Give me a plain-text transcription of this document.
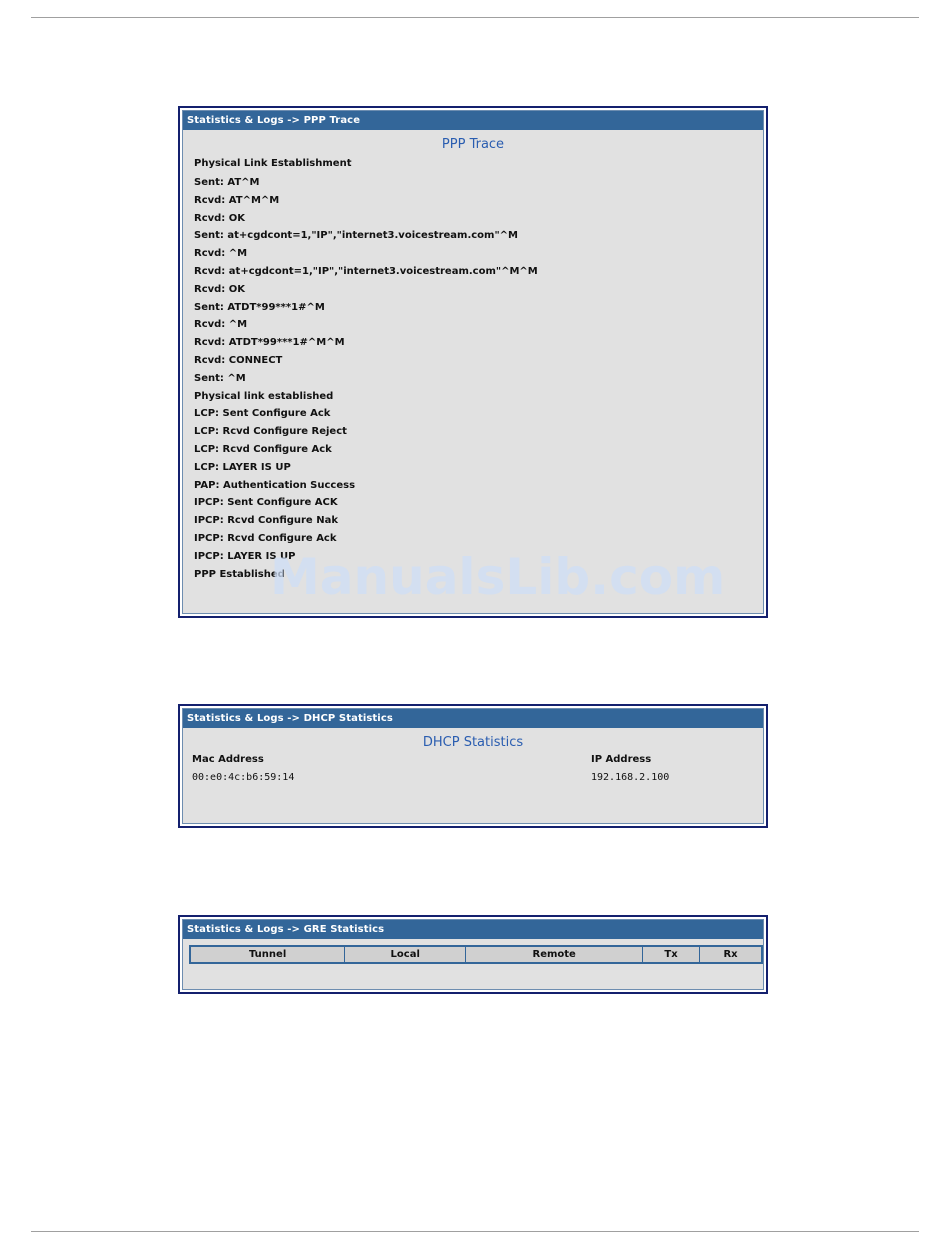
Statistics & Logs -> PPP Trace
PPP Trace
Physical Link Establishment
Sent: AT^M
Rcvd: AT^M^M
Rcvd: OK
Sent: at+cgdcont=1,"IP","internet3.voicestream.com"^M
Rcvd: ^M
Rcvd: at+cgdcont=1,"IP","internet3.voicestream.com"^M^M
Rcvd: OK
Sent: ATDT*99***1#^M
Rcvd: ^M
Rcvd: ATDT*99***1#^M^M
Rcvd: CONNECT
Sent: ^M
Physical link established
LCP: Sent Configure Ack
LCP: Rcvd Configure Reject
LCP: Rcvd Configure Ack
LCP: LAYER IS UP
PAP: Authentication Success
IPCP: Sent Configure ACK
IPCP: Rcvd Configure Nak
IPCP: Rcvd Configure Ack
IPCP: LAYER IS UP
PPP Established
ManualsLib.com
Statistics & Logs -> DHCP Statistics
DHCP Statistics
Mac Address	IP Address
00:e0:4c:b6:59:14	192.168.2.100
Statistics & Logs -> GRE Statistics
Tunnel	Local	Remote	Tx	Rx
